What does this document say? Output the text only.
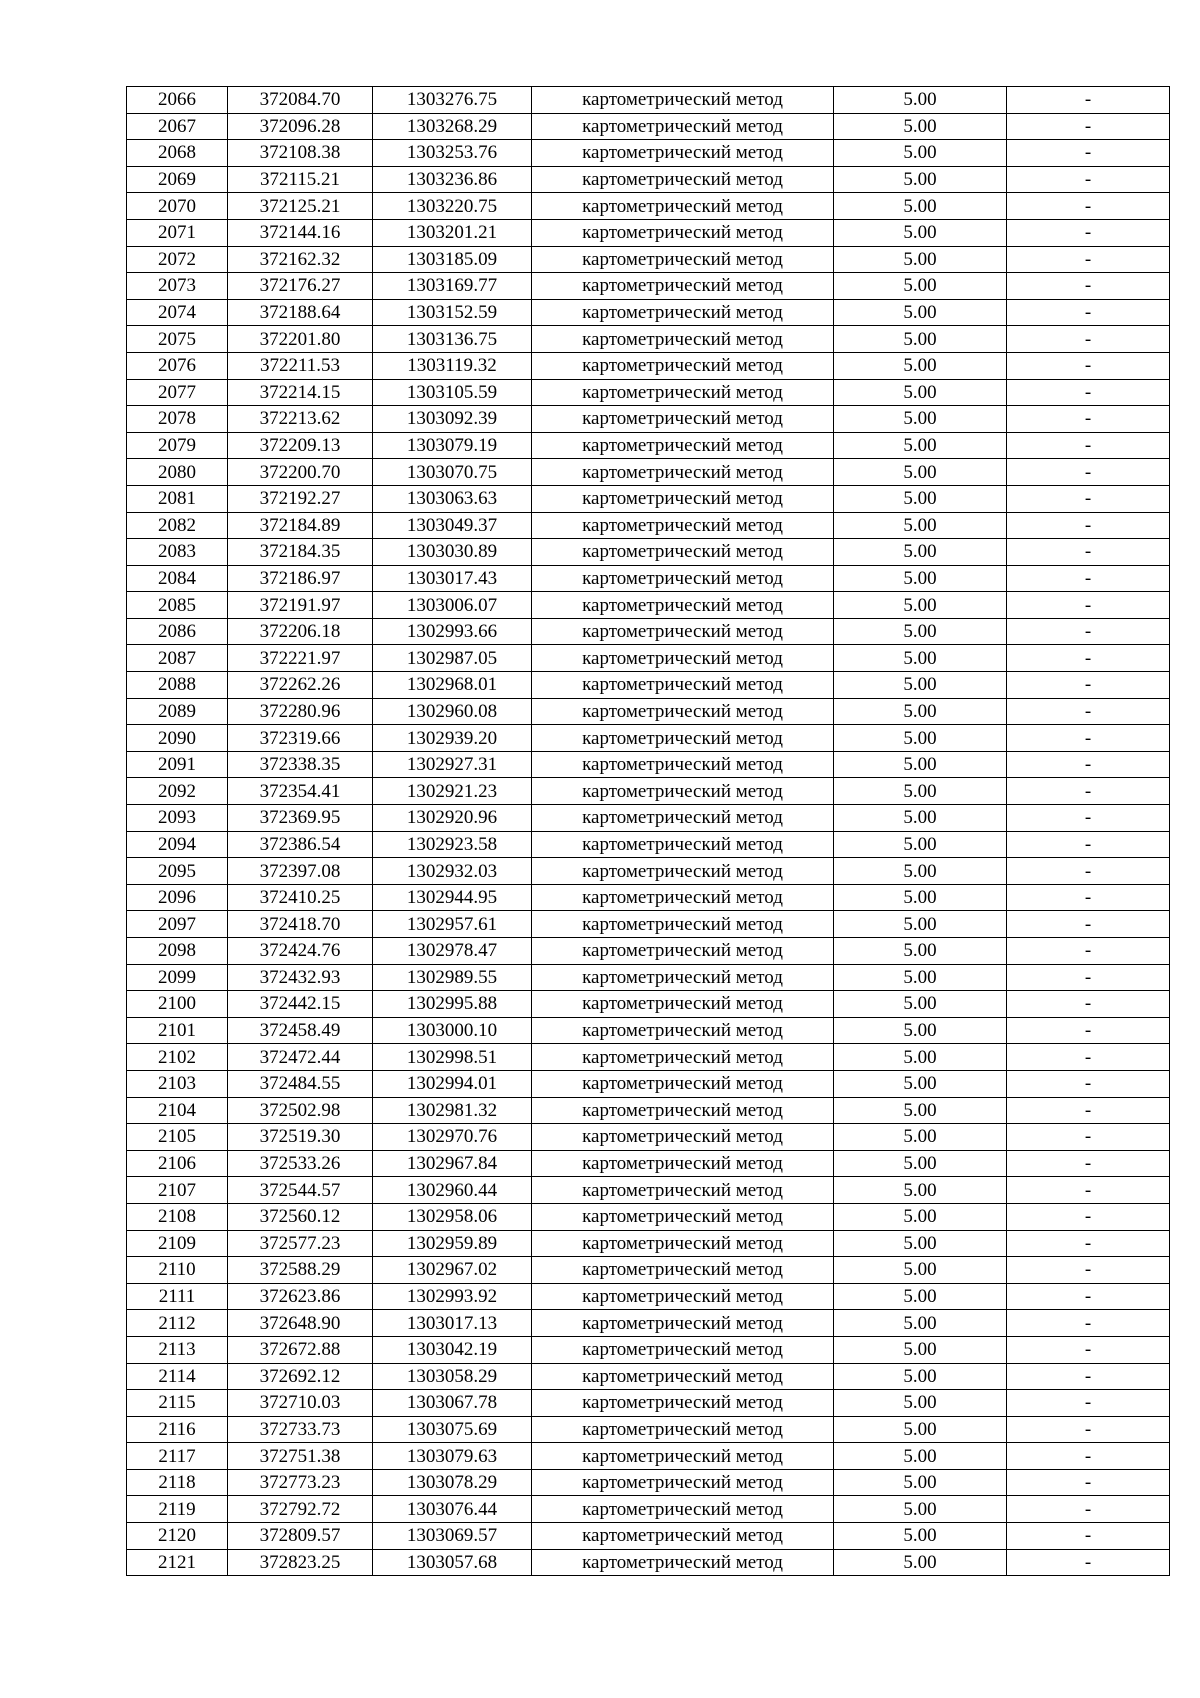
2066	372084.70	1303276.75	картометрический метод	5.00	-
2067	372096.28	1303268.29	картометрический метод	5.00	-
2068	372108.38	1303253.76	картометрический метод	5.00	-
2069	372115.21	1303236.86	картометрический метод	5.00	-
2070	372125.21	1303220.75	картометрический метод	5.00	-
2071	372144.16	1303201.21	картометрический метод	5.00	-
2072	372162.32	1303185.09	картометрический метод	5.00	-
2073	372176.27	1303169.77	картометрический метод	5.00	-
2074	372188.64	1303152.59	картометрический метод	5.00	-
2075	372201.80	1303136.75	картометрический метод	5.00	-
2076	372211.53	1303119.32	картометрический метод	5.00	-
2077	372214.15	1303105.59	картометрический метод	5.00	-
2078	372213.62	1303092.39	картометрический метод	5.00	-
2079	372209.13	1303079.19	картометрический метод	5.00	-
2080	372200.70	1303070.75	картометрический метод	5.00	-
2081	372192.27	1303063.63	картометрический метод	5.00	-
2082	372184.89	1303049.37	картометрический метод	5.00	-
2083	372184.35	1303030.89	картометрический метод	5.00	-
2084	372186.97	1303017.43	картометрический метод	5.00	-
2085	372191.97	1303006.07	картометрический метод	5.00	-
2086	372206.18	1302993.66	картометрический метод	5.00	-
2087	372221.97	1302987.05	картометрический метод	5.00	-
2088	372262.26	1302968.01	картометрический метод	5.00	-
2089	372280.96	1302960.08	картометрический метод	5.00	-
2090	372319.66	1302939.20	картометрический метод	5.00	-
2091	372338.35	1302927.31	картометрический метод	5.00	-
2092	372354.41	1302921.23	картометрический метод	5.00	-
2093	372369.95	1302920.96	картометрический метод	5.00	-
2094	372386.54	1302923.58	картометрический метод	5.00	-
2095	372397.08	1302932.03	картометрический метод	5.00	-
2096	372410.25	1302944.95	картометрический метод	5.00	-
2097	372418.70	1302957.61	картометрический метод	5.00	-
2098	372424.76	1302978.47	картометрический метод	5.00	-
2099	372432.93	1302989.55	картометрический метод	5.00	-
2100	372442.15	1302995.88	картометрический метод	5.00	-
2101	372458.49	1303000.10	картометрический метод	5.00	-
2102	372472.44	1302998.51	картометрический метод	5.00	-
2103	372484.55	1302994.01	картометрический метод	5.00	-
2104	372502.98	1302981.32	картометрический метод	5.00	-
2105	372519.30	1302970.76	картометрический метод	5.00	-
2106	372533.26	1302967.84	картометрический метод	5.00	-
2107	372544.57	1302960.44	картометрический метод	5.00	-
2108	372560.12	1302958.06	картометрический метод	5.00	-
2109	372577.23	1302959.89	картометрический метод	5.00	-
2110	372588.29	1302967.02	картометрический метод	5.00	-
2111	372623.86	1302993.92	картометрический метод	5.00	-
2112	372648.90	1303017.13	картометрический метод	5.00	-
2113	372672.88	1303042.19	картометрический метод	5.00	-
2114	372692.12	1303058.29	картометрический метод	5.00	-
2115	372710.03	1303067.78	картометрический метод	5.00	-
2116	372733.73	1303075.69	картометрический метод	5.00	-
2117	372751.38	1303079.63	картометрический метод	5.00	-
2118	372773.23	1303078.29	картометрический метод	5.00	-
2119	372792.72	1303076.44	картометрический метод	5.00	-
2120	372809.57	1303069.57	картометрический метод	5.00	-
2121	372823.25	1303057.68	картометрический метод	5.00	-
